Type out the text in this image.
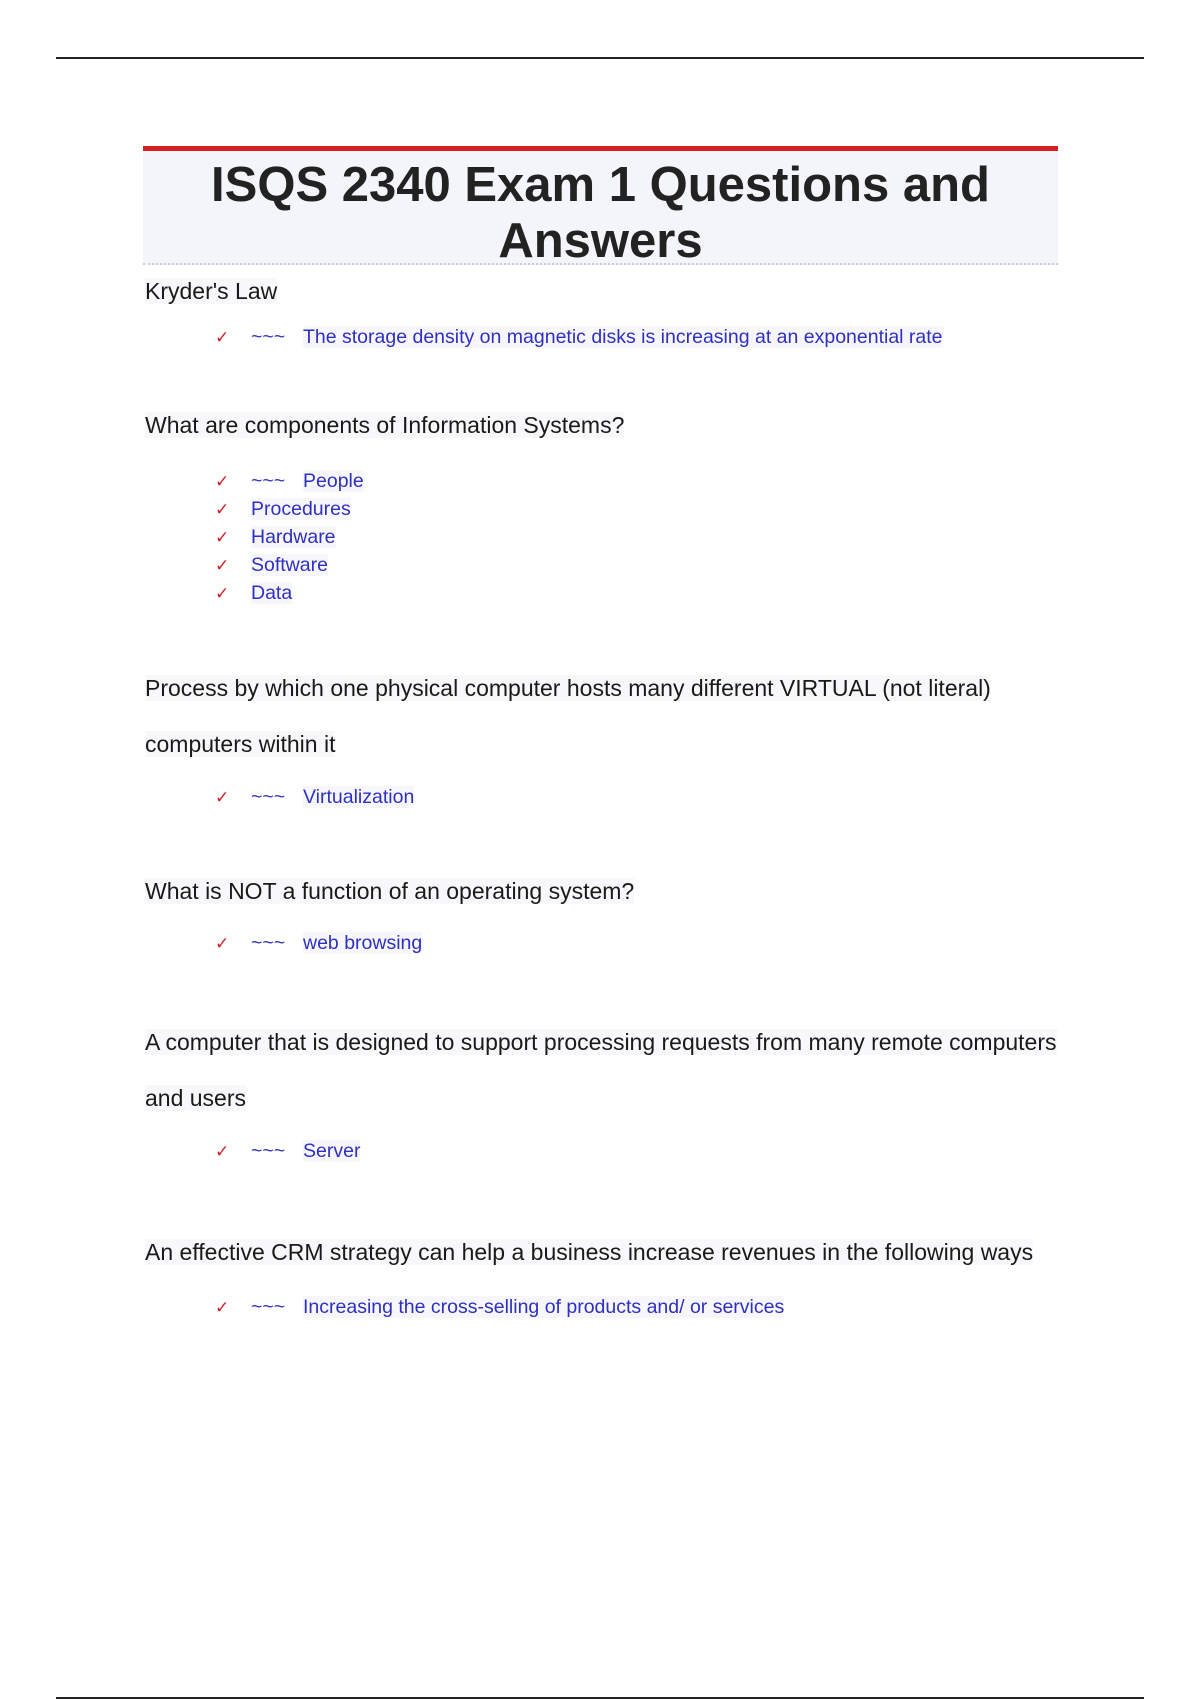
ISQS 2340 Exam 1 Questions and Answers

Kryder's Law

✓ ~~~ The storage density on magnetic disks is increasing at an exponential rate

What are components of Information Systems?

✓ ~~~ People
✓ Procedures
✓ Hardware
✓ Software
✓ Data

Process by which one physical computer hosts many different VIRTUAL (not literal) computers within it

✓ ~~~ Virtualization

What is NOT a function of an operating system?

✓ ~~~ web browsing

A computer that is designed to support processing requests from many remote computers and users

✓ ~~~ Server

An effective CRM strategy can help a business increase revenues in the following ways

✓ ~~~ Increasing the cross-selling of products and/ or services
